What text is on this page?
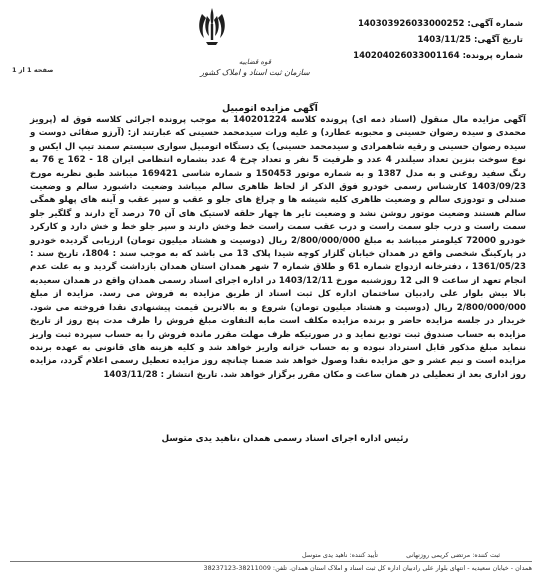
قوه قضاییه
سازمان ثبت اسناد و املاک کشور
شماره آگهی: 140303926033000252
تاریخ آگهی: 1403/11/25
شماره پرونده: 140204026033001164
صفحه 1 از 1
آگهی مزایده اتومبیل
آگهی مزایده مال منقول (اسناد ذمه ای) پرونده کلاسه 140201224 به موجب پرونده اجرائی کلاسه فوق له (پرویز محمدی و سیده رضوان حسینی و محبوبه عطارد) و علیه ورات سیدمحمد حسینی که عبارتند از: (آرزو صفائی دوست و سیده رضوان حسینی و رقیه شاهمرادی و سیدمحمد حسینی) یک دستگاه اتومبیل سواری سیستم سمند تیپ ال ایکس و نوع سوخت بنزین تعداد سیلندر 4 عدد و ظرفیت 5 نفر و تعداد چرخ 4 عدد بشماره انتظامی ایران 18 - 162 ج 76 به رنگ سفید روغنی و به مدل 1387 و به شماره موتور 150453 و شماره شاسی 169421 میباشد طبق نظریه مورخ 1403/09/23 کارشناس رسمی خودرو فوق الذکر از لحاظ ظاهری سالم میباشد وضعیت داشبورد سالم و وضعیت صندلی و تودوزی سالم و وضعیت ظاهری کلیه شیشه ها و چراغ های جلو و عقب و سپر عقب و آینه های پهلو همگی سالم هستند وضعیت موتور روشن نشد و وضعیت تایر ها چهار حلقه لاستیک های آن 70 درصد آج دارند و گلگیر جلو سمت راست و درب جلو سمت راست و درب عقب سمت راست خط وخش دارند و سپر جلو خط و خش دارد و کارکرد خودرو 72000 کیلومتر میباشد به مبلغ 2/800/000/000 ریال (دوسیت و هشتاد میلیون تومان) ارزیابی گردیده خودرو در پارکینگ شخصی واقع در همدان خیابان گلزار کوچه شیدا پلاک 13 می باشد که به موجب سند : 1804، تاریخ سند : 1361/05/23 ، دفترخانه ازدواج شماره 61 و طلاق شماره 7 شهر همدان استان همدان بازداشت گردید و به علت عدم انجام تعهد از ساعت 9 الی 12 روزشنبه مورخ 1403/12/11 در اداره اجرای اسناد رسمی همدان واقع در همدان سعیدیه بالا بیش بلوار علی رادبیان ساختمان اداره کل ثبت اسناد از طریق مزایده به فروش می رسد. مزایده از مبلغ 2/800/000/000 ریال (دوسیت و هشتاد میلیون تومان) شروع و به بالاترین قیمت پیشنهادی نقدا فروخته می شود. خریدار در جلسه مزایده حاضر و برنده مزایده مکلف است مابه التفاوت مبلغ فروش را ظرف مدت پنج روز از تاریخ مزایده به حساب صندوق ثبت تودیع نماید و در صورتیکه ظرف مهلت مقرر مانده فروش را به حساب سپرده ثبت واریز ننماید مبلغ مذکور قابل استرداد نبوده و به حساب خزانه واریز خواهد شد و کلیه هزینه های قانونی به عهده برنده مزایده است و نیم عشر و حق مزایده نقدا وصول خواهد شد ضمنا چنانچه روز مزایده تعطیل رسمی اعلام گردد، مزایده روز اداری بعد از تعطیلی در همان ساعت و مکان مقرر برگزار خواهد شد. تاریخ انتشار : 1403/11/28
رئیس اداره اجرای اسناد رسمی همدان ،ناهید یدی متوسل
ثبت کننده: مرتضی کریمی روزنهانی تأیید کننده: ناهید یدی متوسل
همدان - خیابان سعیدیه - انتهای بلوار علی رادبیان اداره کل ثبت اسناد و املاک استان همدان. تلفن: 38211009-38237123
